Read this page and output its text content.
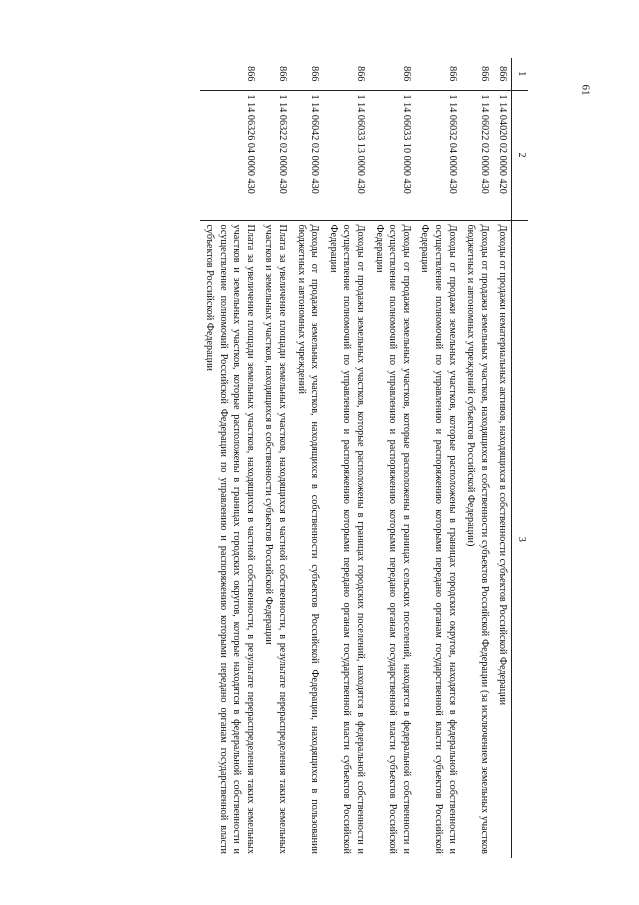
61
1	2	3
866	1 14 04020 02 0000 420	Доходы от продажи нематериальных активов, находящихся в собственности субъектов Российской Федерации
866	1 14 06022 02 0000 430	Доходы от продажи земельных участков, находящихся в собственности субъектов Российской Федерации (за исключением земельных участков бюджетных и автономных учреждений субъектов Российской Федерации)
866	1 14 06032 04 0000 430	Доходы от продажи земельных участков, которые расположены в границах городских округов, находятся в федеральной собственности и осуществление полномочий по управлению и распоряжению которыми передано органам государственной власти субъектов Российской Федерации
866	1 14 06033 10 0000 430	Доходы от продажи земельных участков, которые расположены в границах сельских поселений, находятся в федеральной собственности и осуществление полномочий по управлению и распоряжению которыми передано органам государственной власти субъектов Российской Федерации
866	1 14 06033 13 0000 430	Доходы от продажи земельных участков, которые расположены в границах городских поселений, находятся в федеральной собственности и осуществление полномочий по управлению и распоряжению которыми передано органам государственной власти субъектов Российской Федерации
866	1 14 06042 02 0000 430	Доходы от продажи земельных участков, находящихся в собственности субъектов Российской Федерации, находящихся в пользовании бюджетных и автономных учреждений
866	1 14 06322 02 0000 430	Плата за увеличение площади земельных участков, находящихся в частной собственности, в результате перераспределения таких земельных участков и земельных участков, находящихся в собственности субъектов Российской Федерации
866	1 14 06326 04 0000 430	Плата за увеличение площади земельных участков, находящихся в частной собственности, в результате перераспределения таких земельных участков и земельных участков, которые расположены в границах городских округов, которые находятся в федеральной собственности и осуществление полномочий Российской Федерации по управлению и распоряжению которыми передано органам государственной власти субъектов Российской Федерации
